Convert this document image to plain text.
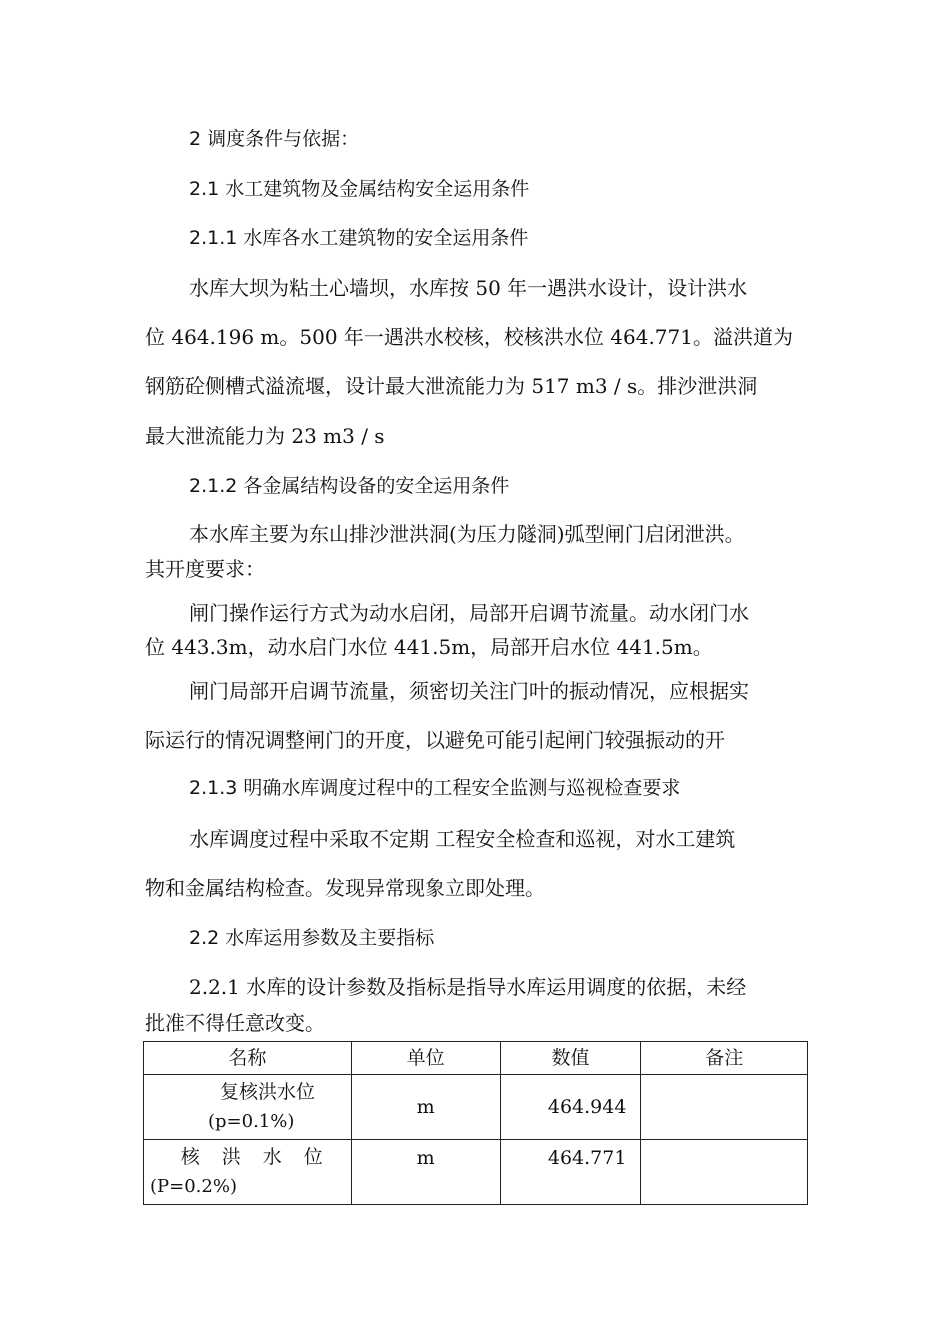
2 调度条件与依据：
2.1 水工建筑物及金属结构安全运用条件
2.1.1 水库各水工建筑物的安全运用条件
水库大坝为粘土心墙坝，水库按 50 年一遇洪水设计，设计洪水
位 464.196 m。500 年一遇洪水校核，校核洪水位 464.771。溢洪道为
钢筋砼侧槽式溢流堰，设计最大泄流能力为 517 m3 / s。排沙泄洪洞
最大泄流能力为 23 m3 / s
2.1.2 各金属结构设备的安全运用条件
本水库主要为东山排沙泄洪洞(为压力隧洞)弧型闸门启闭泄洪。
其开度要求：
闸门操作运行方式为动水启闭，局部开启调节流量。动水闭门水
位 443.3m，动水启门水位 441.5m，局部开启水位 441.5m。
闸门局部开启调节流量，须密切关注门叶的振动情况，应根据实
际运行的情况调整闸门的开度，以避免可能引起闸门较强振动的开
2.1.3 明确水库调度过程中的工程安全监测与巡视检查要求
水库调度过程中采取不定期 工程安全检查和巡视，对水工建筑
物和金属结构检查。发现异常现象立即处理。
2.2 水库运用参数及主要指标
2.2.1 水库的设计参数及指标是指导水库运用调度的依据，未经
批准不得任意改变。
名称	单位	数值	备注

复核洪水位
(p=0.1%)	m	464.944	

核洪水位
(P=0.2%)	m	464.771	
